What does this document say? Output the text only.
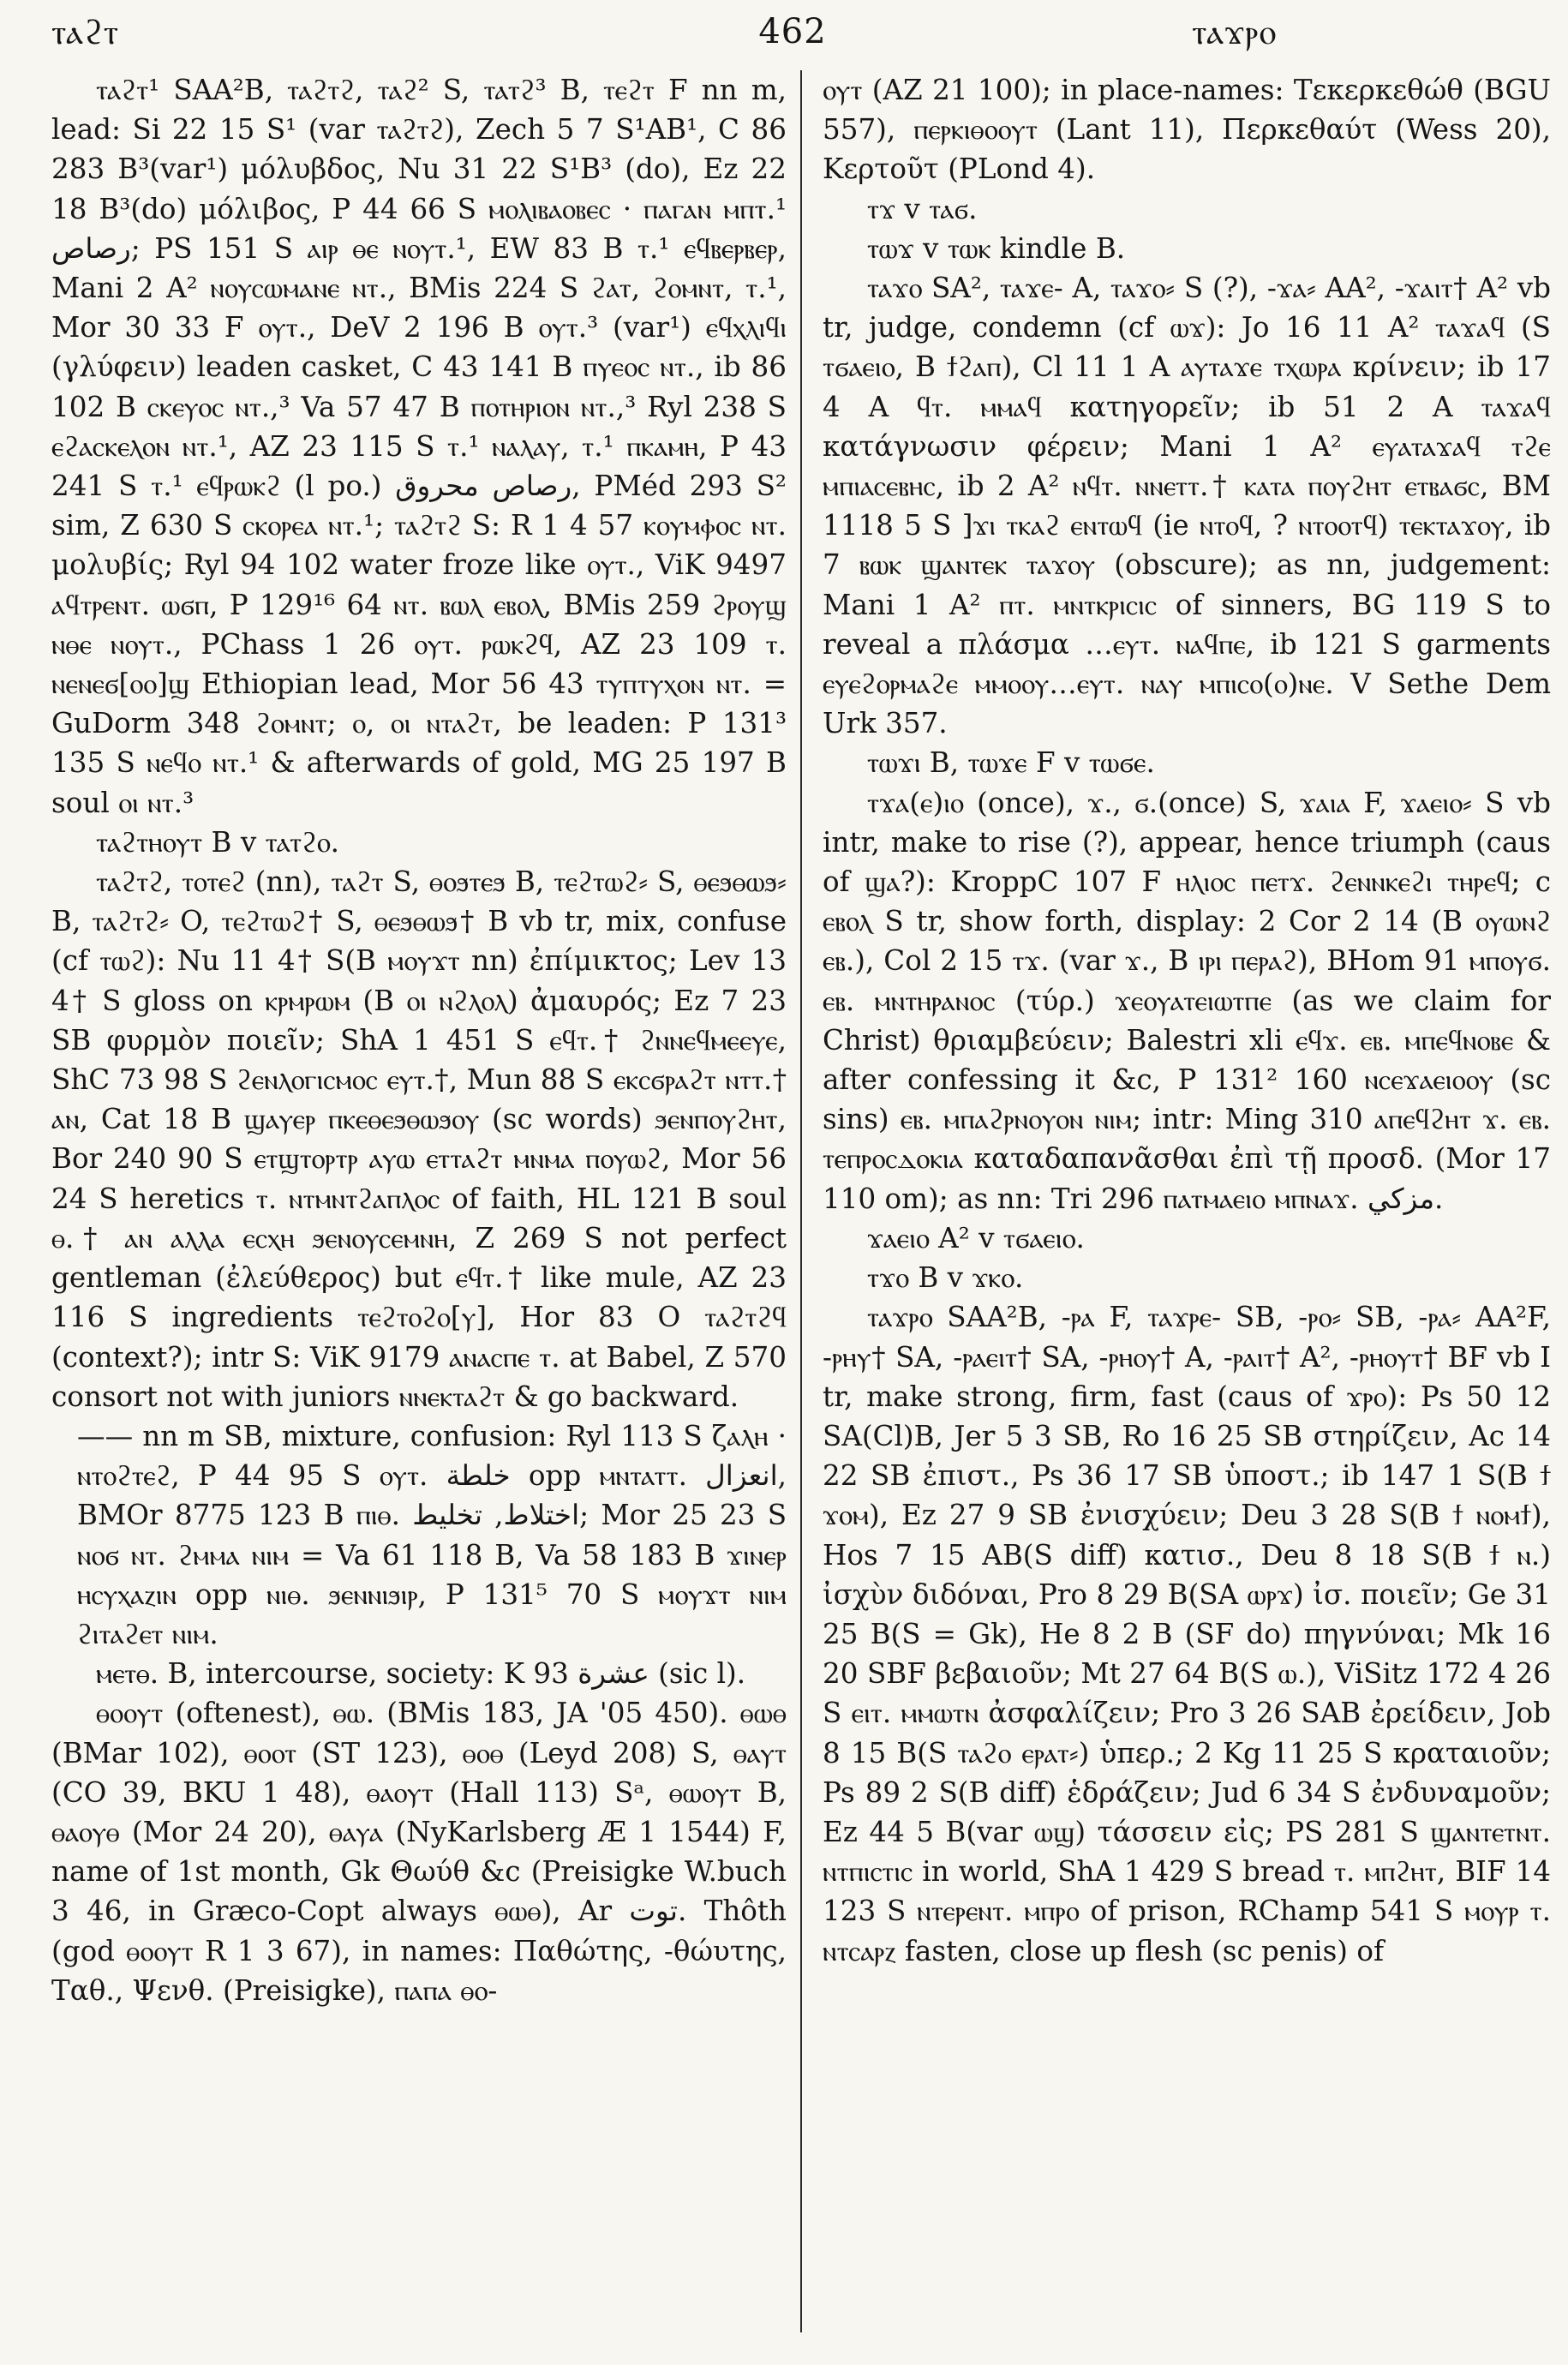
462
ⲧⲁϩⲧ	ⲧⲁϫⲣⲟ

ⲧⲁϩⲧ¹ SAA²B, ⲧⲁϩⲧϩ, ⲧⲁϩ² S, ⲧⲁⲧϩ³ B, ⲧⲉϩⲧ F nn m, lead: Si 22 15 S¹ (var ⲧⲁϩⲧϩ), Zech 5 7 S¹AB¹, C 86 283 B³(var¹) μόλυβδος, Nu 31 22 S¹B³ (do), Ez 22 18 B³(do) μόλιβος, P 44 66 S ⲙⲟⲗⲓⲃⲁⲟⲃⲉⲥ · ⲡⲁⲅⲁⲛ ⲙⲡⲧ.¹ رصاص; PS 151 S ⲁⲓⲣ ⲑⲉ ⲛⲟⲩⲧ.¹, EW 83 B ⲧ.¹ ⲉϥⲃⲉⲣⲃⲉⲣ, Mani 2 A² ⲛⲟⲩⲥⲱⲙⲁⲛⲉ ⲛⲧ., BMis 224 S ϩⲁⲧ, ϩⲟⲙⲛⲧ, ⲧ.¹, Mor 30 33 F ⲟⲩⲧ., DeV 2 196 B ⲟⲩⲧ.³ (var¹) ⲉϥⲭⲗⲓϥⲓ (γλύφειν) leaden casket, C 43 141 B ⲡⲩⲉⲟⲥ ⲛⲧ., ib 86 102 B ⲥⲕⲉⲩⲟⲥ ⲛⲧ.,³ Va 57 47 B ⲡⲟⲧⲏⲣⲓⲟⲛ ⲛⲧ.,³ Ryl 238 S ⲉϩⲁⲥⲕⲉⲗⲟⲛ ⲛⲧ.¹, AZ 23 115 S ⲧ.¹ ⲛⲁⲗⲁⲩ, ⲧ.¹ ⲡⲕⲁⲙⲏ, P 43 241 S ⲧ.¹ ⲉϥⲣⲱⲕϩ (l po.) رصاص محروق, PMéd 293 S² sim, Z 630 S ⲥⲕⲟⲣⲉⲁ ⲛⲧ.¹; ⲧⲁϩⲧϩ S: R 1 4 57 ⲕⲟⲩⲙⲫⲟⲥ ⲛⲧ. μολυβίς; Ryl 94 102 water froze like ⲟⲩⲧ., ViK 9497 ⲁϥⲧⲣⲉⲛⲧ. ⲱϭⲡ, P 129¹⁶ 64 ⲛⲧ. ⲃⲱⲗ ⲉⲃⲟⲗ, BMis 259 ϩⲣⲟⲩϣ ⲛⲑⲉ ⲛⲟⲩⲧ., PChass 1 26 ⲟⲩⲧ. ⲣⲱⲕϩϥ, AZ 23 109 ⲧ. ⲛⲉⲛⲉϭ[ⲟⲟ]ϣ Ethiopian lead, Mor 56 43 ⲧⲩⲡⲧⲩⲭⲟⲛ ⲛⲧ. = GuDorm 348 ϩⲟⲙⲛⲧ; ⲟ, ⲟⲓ ⲛⲧⲁϩⲧ, be leaden: P 131³ 135 S ⲛⲉϥⲟ ⲛⲧ.¹ & afterwards of gold, MG 25 197 B soul ⲟⲓ ⲛⲧ.³

ⲧⲁϩⲧⲏⲟⲩⲧ B v ⲧⲁⲧϩⲟ.

ⲧⲁϩⲧϩ, ⲧⲟⲧⲉϩ (nn), ⲧⲁϩⲧ S, ⲑⲟϧⲧⲉϧ B, ⲧⲉϩⲧⲱϩ⸗ S, ⲑⲉϧⲑⲱϧ⸗ B, ⲧⲁϩⲧϩ⸗ O, ⲧⲉϩⲧⲱϩ† S, ⲑⲉϧⲑⲱϧ† B vb tr, mix, confuse (cf ⲧⲱϩ): Nu 11 4† S(B ⲙⲟⲩϫⲧ nn) ἐπίμικτος; Lev 13 4† S gloss on ⲕⲣⲙⲣⲱⲙ (B ⲟⲓ ⲛϩⲗⲟⲗ) ἀμαυρός; Ez 7 23 SB φυρμὸν ποιεῖν; ShA 1 451 S ⲉϥⲧ.† ϩⲛⲛⲉϥⲙⲉⲉⲩⲉ, ShC 73 98 S ϩⲉⲛⲗⲟⲅⲓⲥⲙⲟⲥ ⲉⲩⲧ.†, Mun 88 S ⲉⲕⲥϭⲣⲁϩⲧ ⲛⲧⲧ.† ⲁⲛ, Cat 18 B ϣⲁⲩⲉⲣ ⲡⲕⲉⲑⲉϧⲑⲱϧⲟⲩ (sc words) ϧⲉⲛⲡⲟⲩϩⲏⲧ, Bor 240 90 S ⲉⲧϣⲧⲟⲣⲧⲣ ⲁⲩⲱ ⲉⲧⲧⲁϩⲧ ⲙⲛⲙⲁ ⲡⲟⲩⲱϩ, Mor 56 24 S heretics ⲧ. ⲛⲧⲙⲛⲧϩⲁⲡⲗⲟⲥ of faith, HL 121 B soul ⲑ.† ⲁⲛ ⲁⲗⲗⲁ ⲉⲥⲭⲏ ϧⲉⲛⲟⲩⲥⲉⲙⲛⲏ, Z 269 S not perfect gentleman (ἐλεύθερος) but ⲉϥⲧ.† like mule, AZ 23 116 S ingredients ⲧⲉϩⲧⲟϩⲟ[ⲩ], Hor 83 O ⲧⲁϩⲧϩϥ (context?); intr S: ViK 9179 ⲁⲛⲁⲥⲡⲉ ⲧ. at Babel, Z 570 consort not with juniors ⲛⲛⲉⲕⲧⲁϩⲧ & go backward.

—— nn m SB, mixture, confusion: Ryl 113 S ζⲁⲗⲏ · ⲛⲧⲟϩⲧⲉϩ, P 44 95 S ⲟⲩⲧ. خلطة opp ⲙⲛⲧⲁⲧⲧ. انعزال, BMOr 8775 123 B ⲡⲓⲑ. اختلاط, تخليط; Mor 25 23 S ⲛⲟϭ ⲛⲧ. ϩⲙⲙⲁ ⲛⲓⲙ = Va 61 118 B, Va 58 183 B ϫⲓⲛⲉⲣ ⲏⲥⲩⲭⲁⲍⲓⲛ opp ⲛⲓⲑ. ϧⲉⲛⲛⲓϧⲓⲣ, P 131⁵ 70 S ⲙⲟⲩϫⲧ ⲛⲓⲙ ϩⲓⲧⲁϩⲉⲧ ⲛⲓⲙ.

ⲙⲉⲧⲑ. B, intercourse, society: K 93 عشرة (sic l).

ⲑⲟⲟⲩⲧ (oftenest), ⲑⲱ. (BMis 183, JA '05 450). ⲑⲱⲑ (BMar 102), ⲑⲟⲟⲧ (ST 123), ⲑⲟⲑ (Leyd 208) S, ⲑⲁⲩⲧ (CO 39, BKU 1 48), ⲑⲁⲟⲩⲧ (Hall 113) Sᵃ, ⲑⲱⲟⲩⲧ B, ⲑⲁⲟⲩⲑ (Mor 24 20), ⲑⲁⲩⲁ (NyKarlsberg Æ 1 1544) F, name of 1st month, Gk Θωύθ &c (Preisigke W.buch 3 46, in Græco-Copt always ⲑⲱⲑ), Ar توت. Thôth (god ⲑⲟⲟⲩⲧ R 1 3 67), in names: Παθώτης, -θώυτης, Ταθ., Ψενθ. (Preisigke), ⲡⲁⲡⲁ ⲑⲟ-

ⲟⲩⲧ (AZ 21 100); in place-names: Τεκερκεθώθ (BGU 557), ⲡⲉⲣⲕⲓⲑⲟⲟⲩⲧ (Lant 11), Περκεθαύτ (Wess 20), Κερτοῦτ (PLond 4).

ⲧϫ v ⲧⲁϭ.

ⲧⲱϫ v ⲧⲱⲕ kindle B.

ⲧⲁϫⲟ SA², ⲧⲁϫⲉ- A, ⲧⲁϫⲟ⸗ S (?), -ϫⲁ⸗ AA², -ϫⲁⲓⲧ† A² vb tr, judge, condemn (cf ⲱϫ): Jo 16 11 A² ⲧⲁϫⲁϥ (S ⲧϭⲁⲉⲓⲟ, B ϯϩⲁⲡ), Cl 11 1 A ⲁⲩⲧⲁϫⲉ ⲧⲭⲱⲣⲁ κρίνειν; ib 17 4 A ϥⲧ. ⲙⲙⲁϥ κατηγορεῖν; ib 51 2 A ⲧⲁϫⲁϥ κατάγνωσιν φέρειν; Mani 1 A² ⲉⲩⲁⲧⲁϫⲁϥ ⲧϩⲉ ⲙⲡⲓⲁⲥⲉⲃⲏⲥ, ib 2 A² ⲛϥⲧ. ⲛⲛⲉⲧⲧ.† ⲕⲁⲧⲁ ⲡⲟⲩϩⲏⲧ ⲉⲧⲃⲁϭⲥ, BM 1118 5 S ]ϫⲓ ⲧⲕⲁϩ ⲉⲛⲧⲱϥ (ie ⲛⲧⲟϥ, ? ⲛⲧⲟⲟⲧϥ) ⲧⲉⲕⲧⲁϫⲟⲩ, ib 7 ⲃⲱⲕ ϣⲁⲛⲧⲉⲕ ⲧⲁϫⲟⲩ (obscure); as nn, judgement: Mani 1 A² ⲡⲧ. ⲙⲛⲧⲕⲣⲓⲥⲓⲥ of sinners, BG 119 S to reveal a πλάσμα …ⲉⲩⲧ. ⲛⲁϥⲡⲉ, ib 121 S garments ⲉⲩⲉϩⲟⲣⲙⲁϩⲉ ⲙⲙⲟⲟⲩ…ⲉⲩⲧ. ⲛⲁⲩ ⲙⲡⲓⲥⲟ(ⲟ)ⲛⲉ. V Sethe Dem Urk 357.

ⲧⲱϫⲓ B, ⲧⲱϫⲉ F v ⲧⲱϭⲉ.

ⲧϫⲁ(ⲉ)ⲓⲟ (once), ϫ., ϭ.(once) S, ϫⲁⲓⲁ F, ϫⲁⲉⲓⲟ⸗ S vb intr, make to rise (?), appear, hence triumph (caus of ϣⲁ?): KroppC 107 F ⲏⲗⲓⲟⲥ ⲡⲉⲧϫ. ϩⲉⲛⲛⲕⲉϩⲓ ⲧⲏⲣⲉϥ; c ⲉⲃⲟⲗ S tr, show forth, display: 2 Cor 2 14 (B ⲟⲩⲱⲛϩ ⲉⲃ.), Col 2 15 ⲧϫ. (var ϫ., B ⲓⲣⲓ ⲡⲉⲣⲁϩ), BHom 91 ⲙⲡⲟⲩϭ. ⲉⲃ. ⲙⲛⲧⲏⲣⲁⲛⲟⲥ (τύρ.) ϫⲉⲟⲩⲁⲧⲉⲓⲱⲧⲡⲉ (as we claim for Christ) θριαμβεύειν; Balestri xli ⲉϥϫ. ⲉⲃ. ⲙⲡⲉϥⲛⲟⲃⲉ & after confessing it &c, P 131² 160 ⲛⲥⲉϫⲁⲉⲓⲟⲟⲩ (sc sins) ⲉⲃ. ⲙⲡⲁϩⲣⲛⲟⲩⲟⲛ ⲛⲓⲙ; intr: Ming 310 ⲁⲡⲉϥϩⲏⲧ ϫ. ⲉⲃ. ⲧⲉⲡⲣⲟⲥⲇⲟⲕⲓⲁ καταδαπανᾶσθαι ἐπὶ τῇ προσδ. (Mor 17 110 om); as nn: Tri 296 ⲡⲁⲧⲙⲁⲉⲓⲟ ⲙⲡⲛⲁϫ. مزكي.

ϫⲁⲉⲓⲟ A² v ⲧϭⲁⲉⲓⲟ.

ⲧϫⲟ B v ϫⲕⲟ.

ⲧⲁϫⲣⲟ SAA²B, -ⲣⲁ F, ⲧⲁϫⲣⲉ- SB, -ⲣⲟ⸗ SB, -ⲣⲁ⸗ AA²F, -ⲣⲏⲩ† SA, -ⲣⲁⲉⲓⲧ† SA, -ⲣⲏⲟⲩ† A, -ⲣⲁⲓⲧ† A², -ⲣⲏⲟⲩⲧ† BF vb I tr, make strong, firm, fast (caus of ϫⲣⲟ): Ps 50 12 SA(Cl)B, Jer 5 3 SB, Ro 16 25 SB στηρίζειν, Ac 14 22 SB ἐπιστ., Ps 36 17 SB ὑποστ.; ib 147 1 S(B ϯ ϫⲟⲙ), Ez 27 9 SB ἐνισχύειν; Deu 3 28 S(B ϯ ⲛⲟⲙϯ), Hos 7 15 AB(S diff) κατισ., Deu 8 18 S(B ϯ ⲛ.) ἰσχὺν διδόναι, Pro 8 29 B(SA ⲱⲣϫ) ἰσ. ποιεῖν; Ge 31 25 B(S = Gk), He 8 2 B (SF do) πηγνύναι; Mk 16 20 SBF βεβαιοῦν; Mt 27 64 B(S ⲱ.), ViSitz 172 4 26 S ⲉⲓⲧ. ⲙⲙⲱⲧⲛ ἀσφαλίζειν; Pro 3 26 SAB ἐρείδειν, Job 8 15 B(S ⲧⲁϩⲟ ⲉⲣⲁⲧ⸗) ὑπερ.; 2 Kg 11 25 S κραταιοῦν; Ps 89 2 S(B diff) ἑδράζειν; Jud 6 34 S ἐνδυναμοῦν; Ez 44 5 B(var ⲱϣ) τάσσειν εἰς; PS 281 S ϣⲁⲛⲧⲉⲧⲛⲧ. ⲛⲧⲡⲓⲥⲧⲓⲥ in world, ShA 1 429 S bread ⲧ. ⲙⲡϩⲏⲧ, BIF 14 123 S ⲛⲧⲉⲣⲉⲛⲧ. ⲙⲡⲣⲟ of prison, RChamp 541 S ⲙⲟⲩⲣ ⲧ. ⲛⲧⲥⲁⲣⲍ fasten, close up flesh (sc penis) of
